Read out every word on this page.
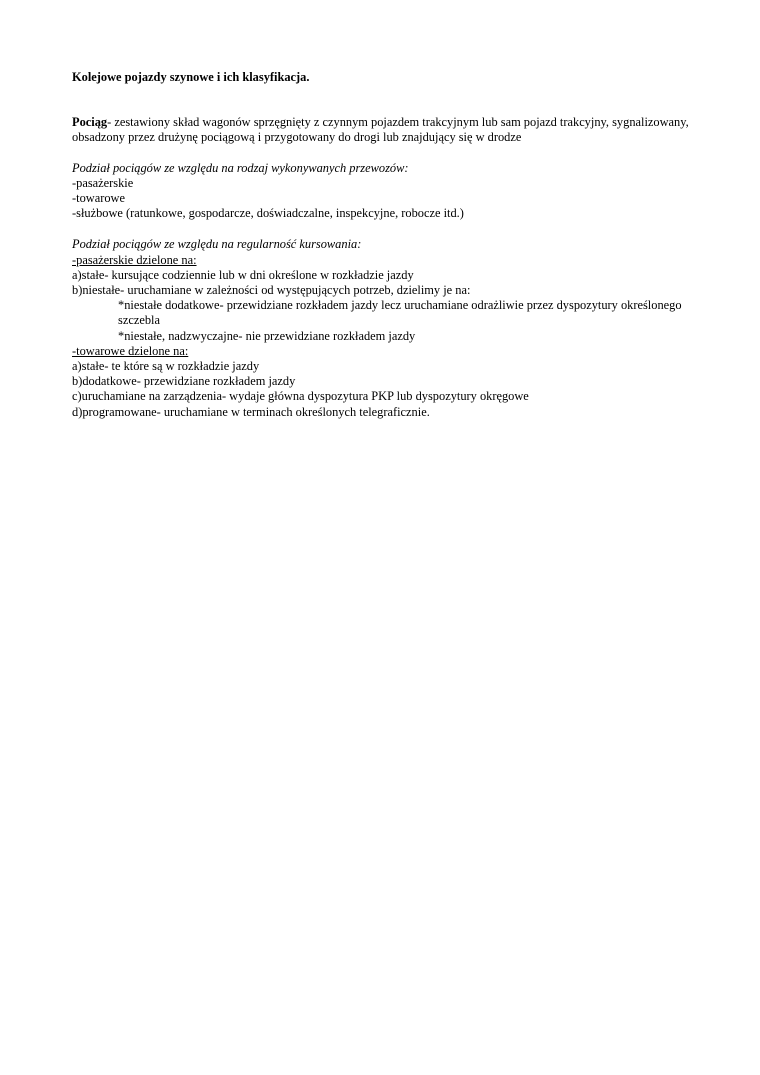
Kolejowe pojazdy szynowe i ich klasyfikacja.

Pociąg- zestawiony skład wagonów sprzęgnięty z czynnym pojazdem trakcyjnym lub sam pojazd trakcyjny, sygnalizowany, obsadzony przez drużynę pociągową i przygotowany do drogi lub znajdujący się w drodze

Podział pociągów ze względu na rodzaj wykonywanych przewozów:

-pasażerskie

-towarowe

-służbowe (ratunkowe, gospodarcze, doświadczalne, inspekcyjne, robocze itd.)

Podział pociągów ze względu na regularność kursowania:

-pasażerskie dzielone na:

a)stałe- kursujące codziennie lub w dni określone w rozkładzie jazdy

b)niestałe- uruchamiane w zależności od występujących potrzeb, dzielimy je na:

*niestałe dodatkowe- przewidziane rozkładem jazdy lecz uruchamiane odrażliwie przez dyspozytury określonego szczebla

*niestałe, nadzwyczajne- nie przewidziane rozkładem jazdy

-towarowe dzielone na:

a)stałe- te które są w rozkładzie jazdy

b)dodatkowe- przewidziane rozkładem jazdy

c)uruchamiane na zarządzenia- wydaje główna dyspozytura PKP lub dyspozytury okręgowe

d)programowane- uruchamiane w terminach określonych telegraficznie.
